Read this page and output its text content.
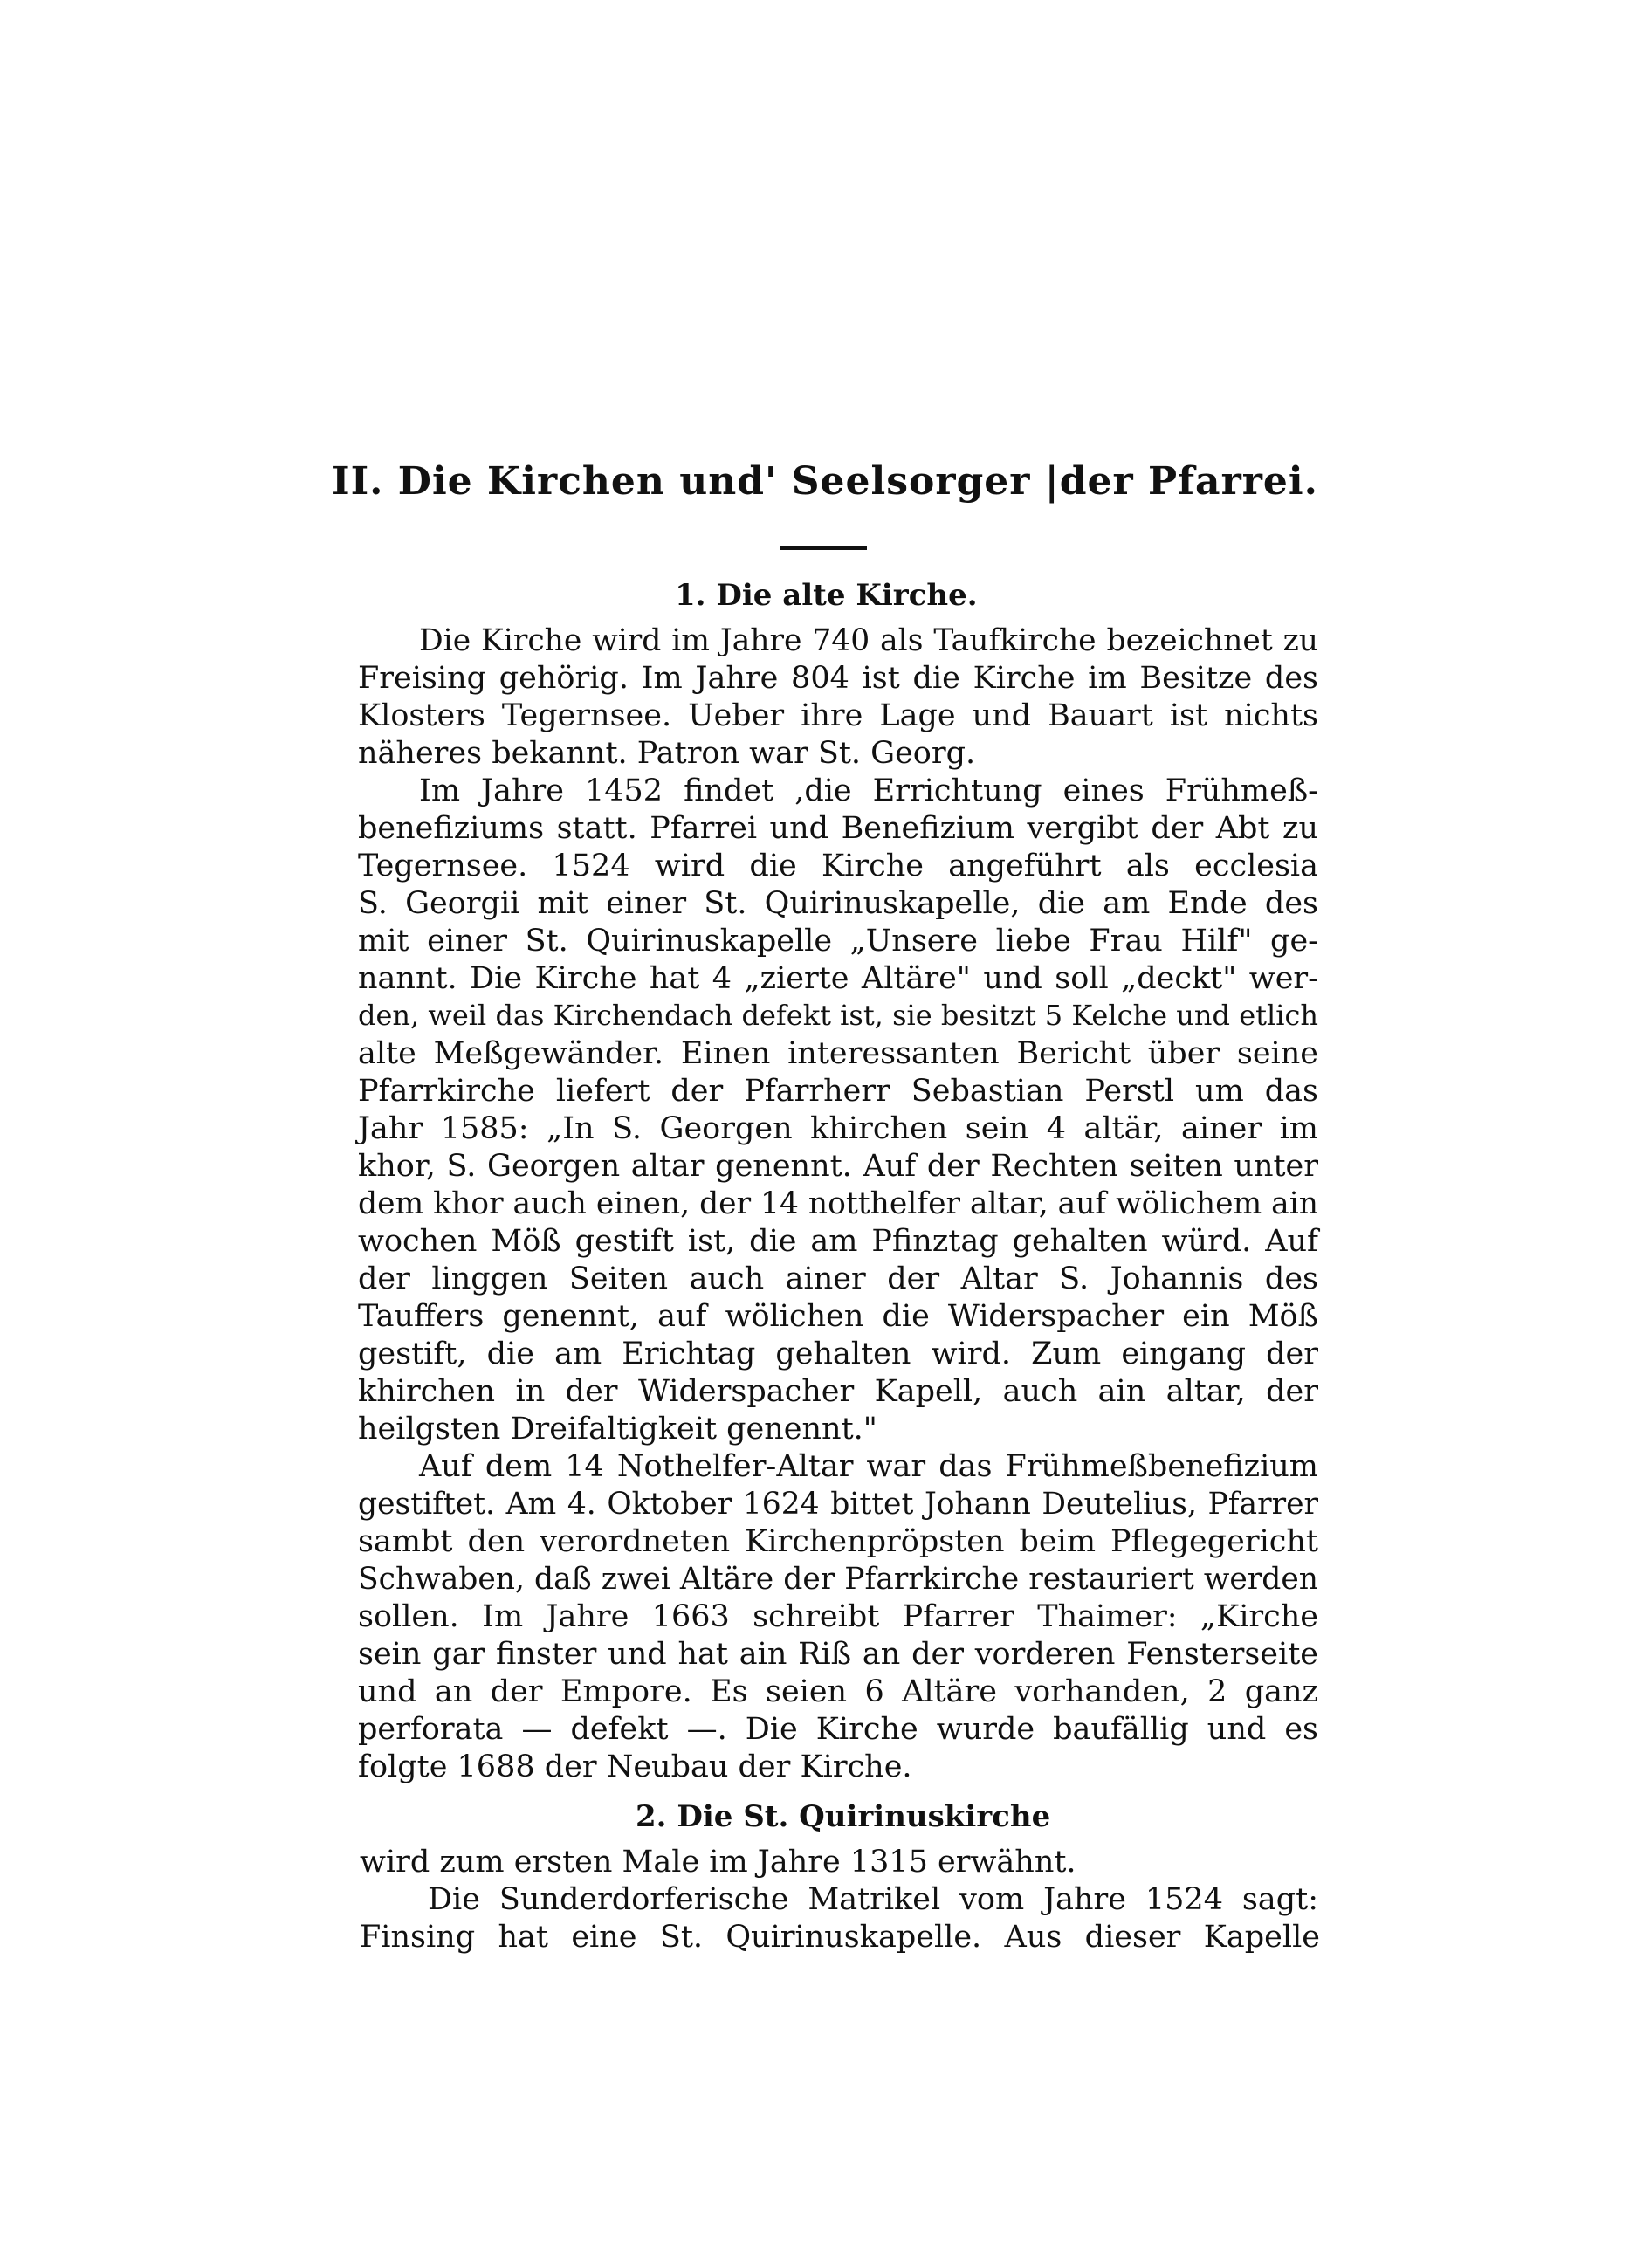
II. Die Kirchen und' Seelsorger |der Pfarrei.
1. Die alte Kirche.
Die Kirche wird im Jahre 740 als Taufkirche bezeichnet zu
Freising gehörig. Im Jahre 804 ist die Kirche im Besitze des
Klosters Tegernsee. Ueber ihre Lage und Bauart ist nichts
näheres bekannt. Patron war St. Georg.
Im Jahre 1452 findet ,die Errichtung eines Frühmeß-
benefiziums statt. Pfarrei und Benefizium vergibt der Abt zu
Tegernsee. 1524 wird die Kirche angeführt als ecclesia
S. Georgii mit einer St. Quirinuskapelle, die am Ende des
mit einer St. Quirinuskapelle „Unsere liebe Frau Hilf" ge-
nannt. Die Kirche hat 4 „zierte Altäre" und soll „deckt" wer-
den, weil das Kirchendach defekt ist, sie besitzt 5 Kelche und etlich
alte Meßgewänder. Einen interessanten Bericht über seine
Pfarrkirche liefert der Pfarrherr Sebastian Perstl um das
Jahr 1585: „In S. Georgen khirchen sein 4 altär, ainer im
khor, S. Georgen altar genennt. Auf der Rechten seiten unter
dem khor auch einen, der 14 notthelfer altar, auf wölichem ain
wochen Möß gestift ist, die am Pfinztag gehalten würd. Auf
der linggen Seiten auch ainer der Altar S. Johannis des
Tauffers genennt, auf wölichen die Widerspacher ein Möß
gestift, die am Erichtag gehalten wird. Zum eingang der
khirchen in der Widerspacher Kapell, auch ain altar, der
heilgsten Dreifaltigkeit genennt."
Auf dem 14 Nothelfer-Altar war das Frühmeßbenefizium
gestiftet. Am 4. Oktober 1624 bittet Johann Deutelius, Pfarrer
sambt den verordneten Kirchenpröpsten beim Pflegegericht
Schwaben, daß zwei Altäre der Pfarrkirche restauriert werden
sollen. Im Jahre 1663 schreibt Pfarrer Thaimer: „Kirche
sein gar finster und hat ain Riß an der vorderen Fensterseite
und an der Empore. Es seien 6 Altäre vorhanden, 2 ganz
perforata — defekt —. Die Kirche wurde baufällig und es
folgte 1688 der Neubau der Kirche.
2. Die St. Quirinuskirche
wird zum ersten Male im Jahre 1315 erwähnt.
Die Sunderdorferische Matrikel vom Jahre 1524 sagt:
Finsing hat eine St. Quirinuskapelle. Aus dieser Kapelle
